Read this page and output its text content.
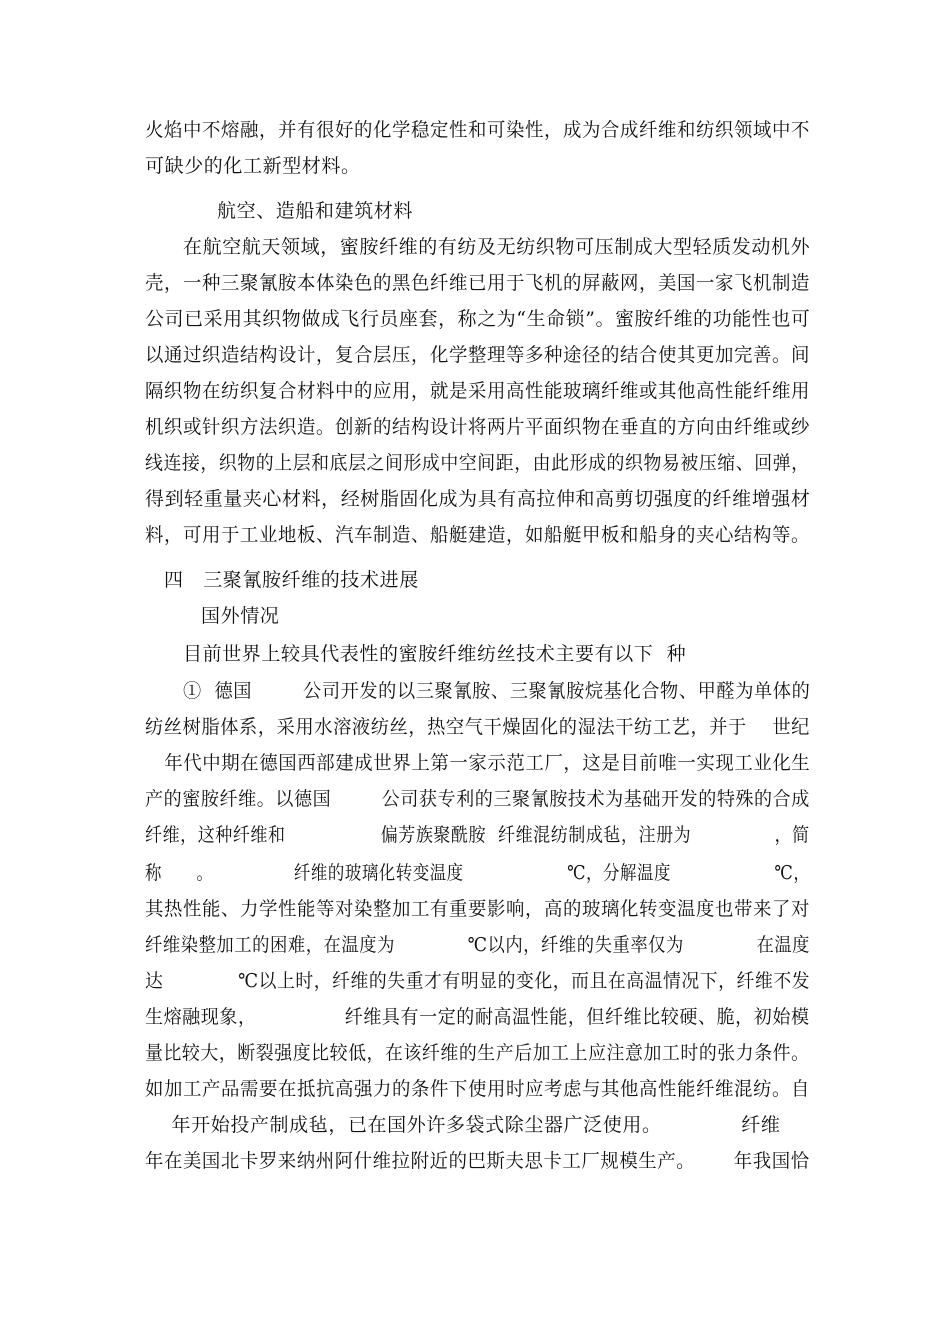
火焰中不熔融，并有很好的化学稳定性和可染性，成为合成纤维和纺织领域中不
可缺少的化工新型材料。
航空、造船和建筑材料
在航空航天领域，蜜胺纤维的有纺及无纺织物可压制成大型轻质发动机外
壳，一种三聚氰胺本体染色的黑色纤维已用于飞机的屏蔽网，美国一家飞机制造
公司已采用其织物做成飞行员座套，称之为“生命锁”。蜜胺纤维的功能性也可
以通过织造结构设计，复合层压，化学整理等多种途径的结合使其更加完善。间
隔织物在纺织复合材料中的应用，就是采用高性能玻璃纤维或其他高性能纤维用
机织或针织方法织造。创新的结构设计将两片平面织物在垂直的方向由纤维或纱
线连接，织物的上层和底层之间形成中空间距，由此形成的织物易被压缩、回弹，
得到轻重量夹心材料，经树脂固化成为具有高拉伸和高剪切强度的纤维增强材
料，可用于工业地板、汽车制造、船艇建造，如船艇甲板和船身的夹心结构等。
四　三聚氰胺纤维的技术进展
国外情况
目前世界上较具代表性的蜜胺纤维纺丝技术主要有以下  种
①  德国        公司开发的以三聚氰胺、三聚氰胺烷基化合物、甲醛为单体的
纺丝树脂体系，采用水溶液纺丝，热空气干燥固化的湿法干纺工艺，并于    世纪
年代中期在德国西部建成世界上第一家示范工厂，这是目前唯一实现工业化生
产的蜜胺纤维。以德国        公司获专利的三聚氰胺技术为基础开发的特殊的合成
纤维，这种纤维和                偏芳族聚酰胺  纤维混纺制成毡，注册为              ，简
称      。              纤维的玻璃化转变温度                  ℃，分解温度                  ℃，
其热性能、力学性能等对染整加工有重要影响，高的玻璃化转变温度也带来了对
纤维染整加工的困难，在温度为            ℃以内，纤维的失重率仅为            在温度
达            ℃以上时，纤维的失重才有明显的变化，而且在高温情况下，纤维不发
生熔融现象，              纤维具有一定的耐高温性能，但纤维比较硬、脆，初始模
量比较大，断裂强度比较低，在该纤维的生产后加工上应注意加工时的张力条件。
如加工产品需要在抵抗高强力的条件下使用时应考虑与其他高性能纤维混纺。自
年开始投产制成毡，已在国外许多袋式除尘器广泛使用。            纤维
年在美国北卡罗来纳州阿什维拉附近的巴斯夫思卡工厂规模生产。      年我国恰
